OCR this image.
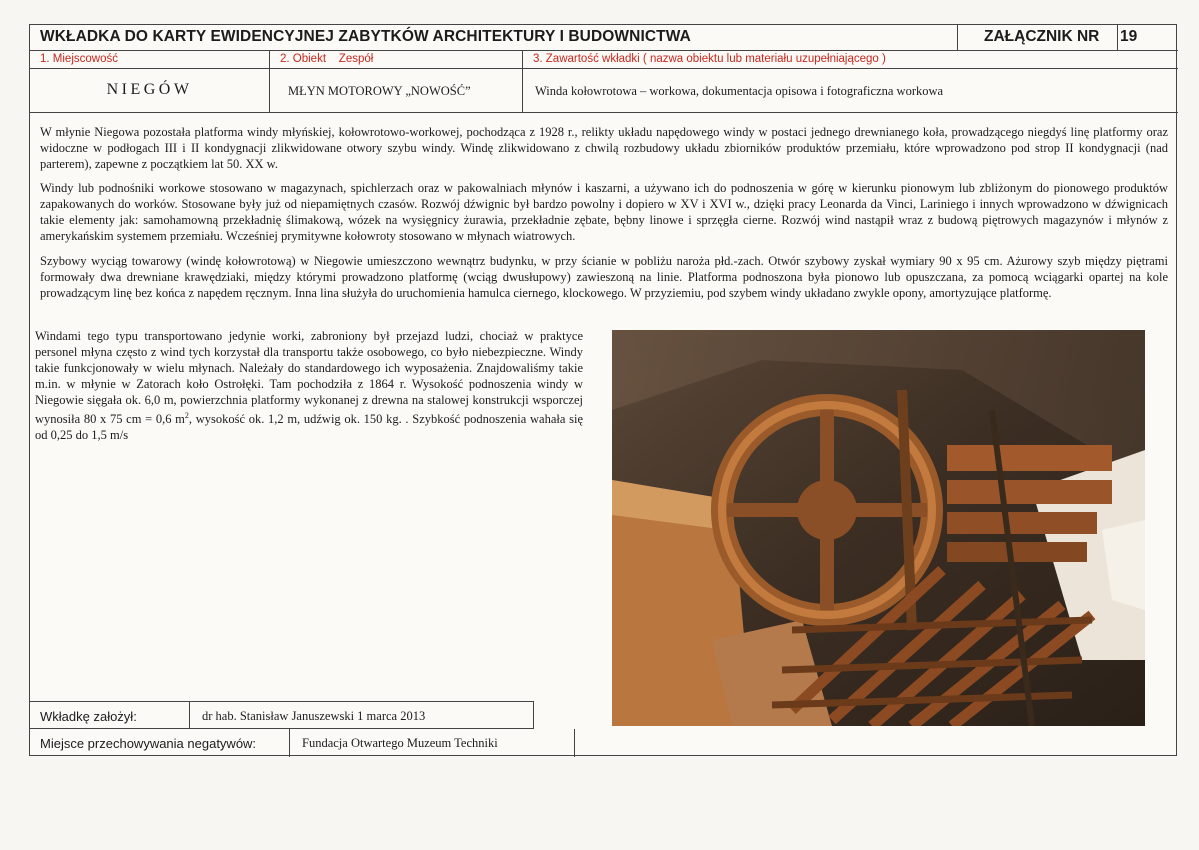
WKŁADKA DO KARTY EWIDENCYJNEJ ZABYTKÓW ARCHITEKTURY I BUDOWNICTWA	ZAŁĄCZNIK NR	19
1. Miejscowość	2. Obiekt    Zespół	3. Zawartość wkładki ( nazwa obiektu lub materiału uzupełniającego )
NIEGÓW	MŁYN MOTOROWY „NOWOŚĆ”	Winda kołowrotowa – workowa, dokumentacja opisowa i fotograficzna workowa

W młynie Niegowa pozostała platforma windy młyńskiej, kołowrotowo-workowej, pochodząca z 1928 r., relikty układu napędowego windy w postaci jednego drewnianego koła, prowadzącego niegdyś linę platformy oraz widoczne w podłogach III i II kondygnacji zlikwidowane otwory szybu windy. Windę zlikwidowano z chwilą rozbudowy układu zbiorników produktów przemiału, które wprowadzono pod strop II kondygnacji (nad parterem), zapewne z początkiem lat 50. XX w.

Windy lub podnośniki workowe stosowano w magazynach, spichlerzach oraz w pakowalniach młynów i kaszarni, a używano ich do podnoszenia w górę w kierunku pionowym lub zbliżonym do pionowego produktów zapakowanych do worków. Stosowane były już od niepamiętnych czasów. Rozwój dźwignic był bardzo powolny i dopiero w XV i XVI w., dzięki pracy Leonarda da Vinci, Lariniego i innych wprowadzono w dźwignicach takie elementy jak: samohamowną przekładnię ślimakową, wózek na wysięgnicy żurawia, przekładnie zębate, bębny linowe i sprzęgła cierne. Rozwój wind nastąpił wraz z budową piętrowych magazynów i młynów z amerykańskim systemem przemiału. Wcześniej prymitywne kołowroty stosowano w młynach wiatrowych.

Szybowy wyciąg towarowy (windę kołowrotową) w Niegowie umieszczono wewnątrz budynku, w przy ścianie w pobliżu naroża płd.-zach. Otwór szybowy zyskał wymiary 90 x 95 cm. Ażurowy szyb między piętrami formowały dwa drewniane krawędziaki, między którymi prowadzono platformę (wciąg dwusłupowy) zawieszoną na linie. Platforma podnoszona była pionowo lub opuszczana, za pomocą wciągarki opartej na kole prowadzącym linę bez końca z napędem ręcznym. Inna lina służyła do uruchomienia hamulca ciernego, klockowego. W przyziemiu, pod szybem windy układano zwykle opony, amortyzujące platformę.

Windami tego typu transportowano jedynie worki, zabroniony był przejazd ludzi, chociaż w praktyce personel młyna często z wind tych korzystał dla transportu także osobowego, co było niebezpieczne. Windy takie funkcjonowały w wielu młynach. Należały do standardowego ich wyposażenia. Znajdowaliśmy takie m.in. w młynie w Zatorach koło Ostrołęki. Tam pochodziła z 1864 r. Wysokość podnoszenia windy w Niegowie sięgała ok. 6,0 m, powierzchnia platformy wykonanej z drewna na stalowej konstrukcji wsporczej wynosiła 80 x 75 cm = 0,6 $m^2$, wysokość ok. 1,2 m, udźwig ok. 150 kg. . Szybkość podnoszenia wahała się od 0,25 do 1,5 m/s

Wkładkę założył:	dr hab. Stanisław Januszewski 1 marca 2013
Miejsce przechowywania negatywów:	Fundacja Otwartego Muzeum Techniki
